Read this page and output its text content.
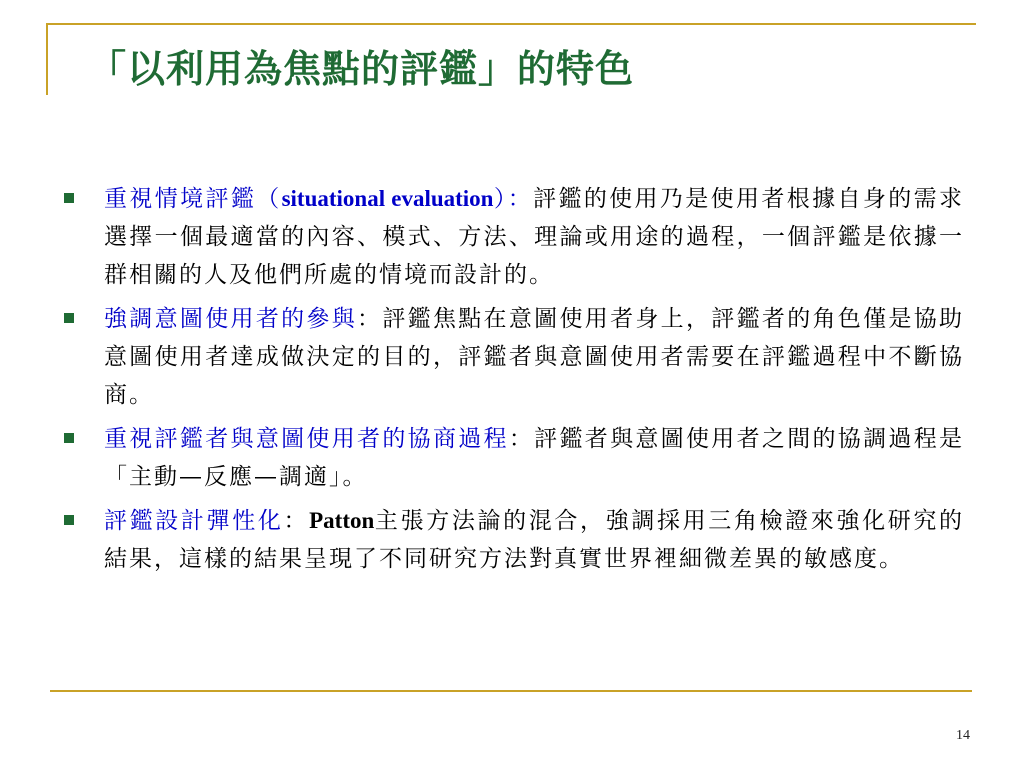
「以利用為焦點的評鑑」的特色
重視情境評鑑（situational evaluation）：評鑑的使用乃是使用者根據自身的需求選擇一個最適當的內容、模式、方法、理論或用途的過程，一個評鑑是依據一群相關的人及他們所處的情境而設計的。
強調意圖使用者的參與：評鑑焦點在意圖使用者身上，評鑑者的角色僅是協助意圖使用者達成做決定的目的，評鑑者與意圖使用者需要在評鑑過程中不斷協商。
重視評鑑者與意圖使用者的協商過程：評鑑者與意圖使用者之間的協調過程是「主動—反應—調適」。
評鑑設計彈性化：Patton主張方法論的混合，強調採用三角檢證來強化研究的結果，這樣的結果呈現了不同研究方法對真實世界裡細微差異的敏感度。
14
